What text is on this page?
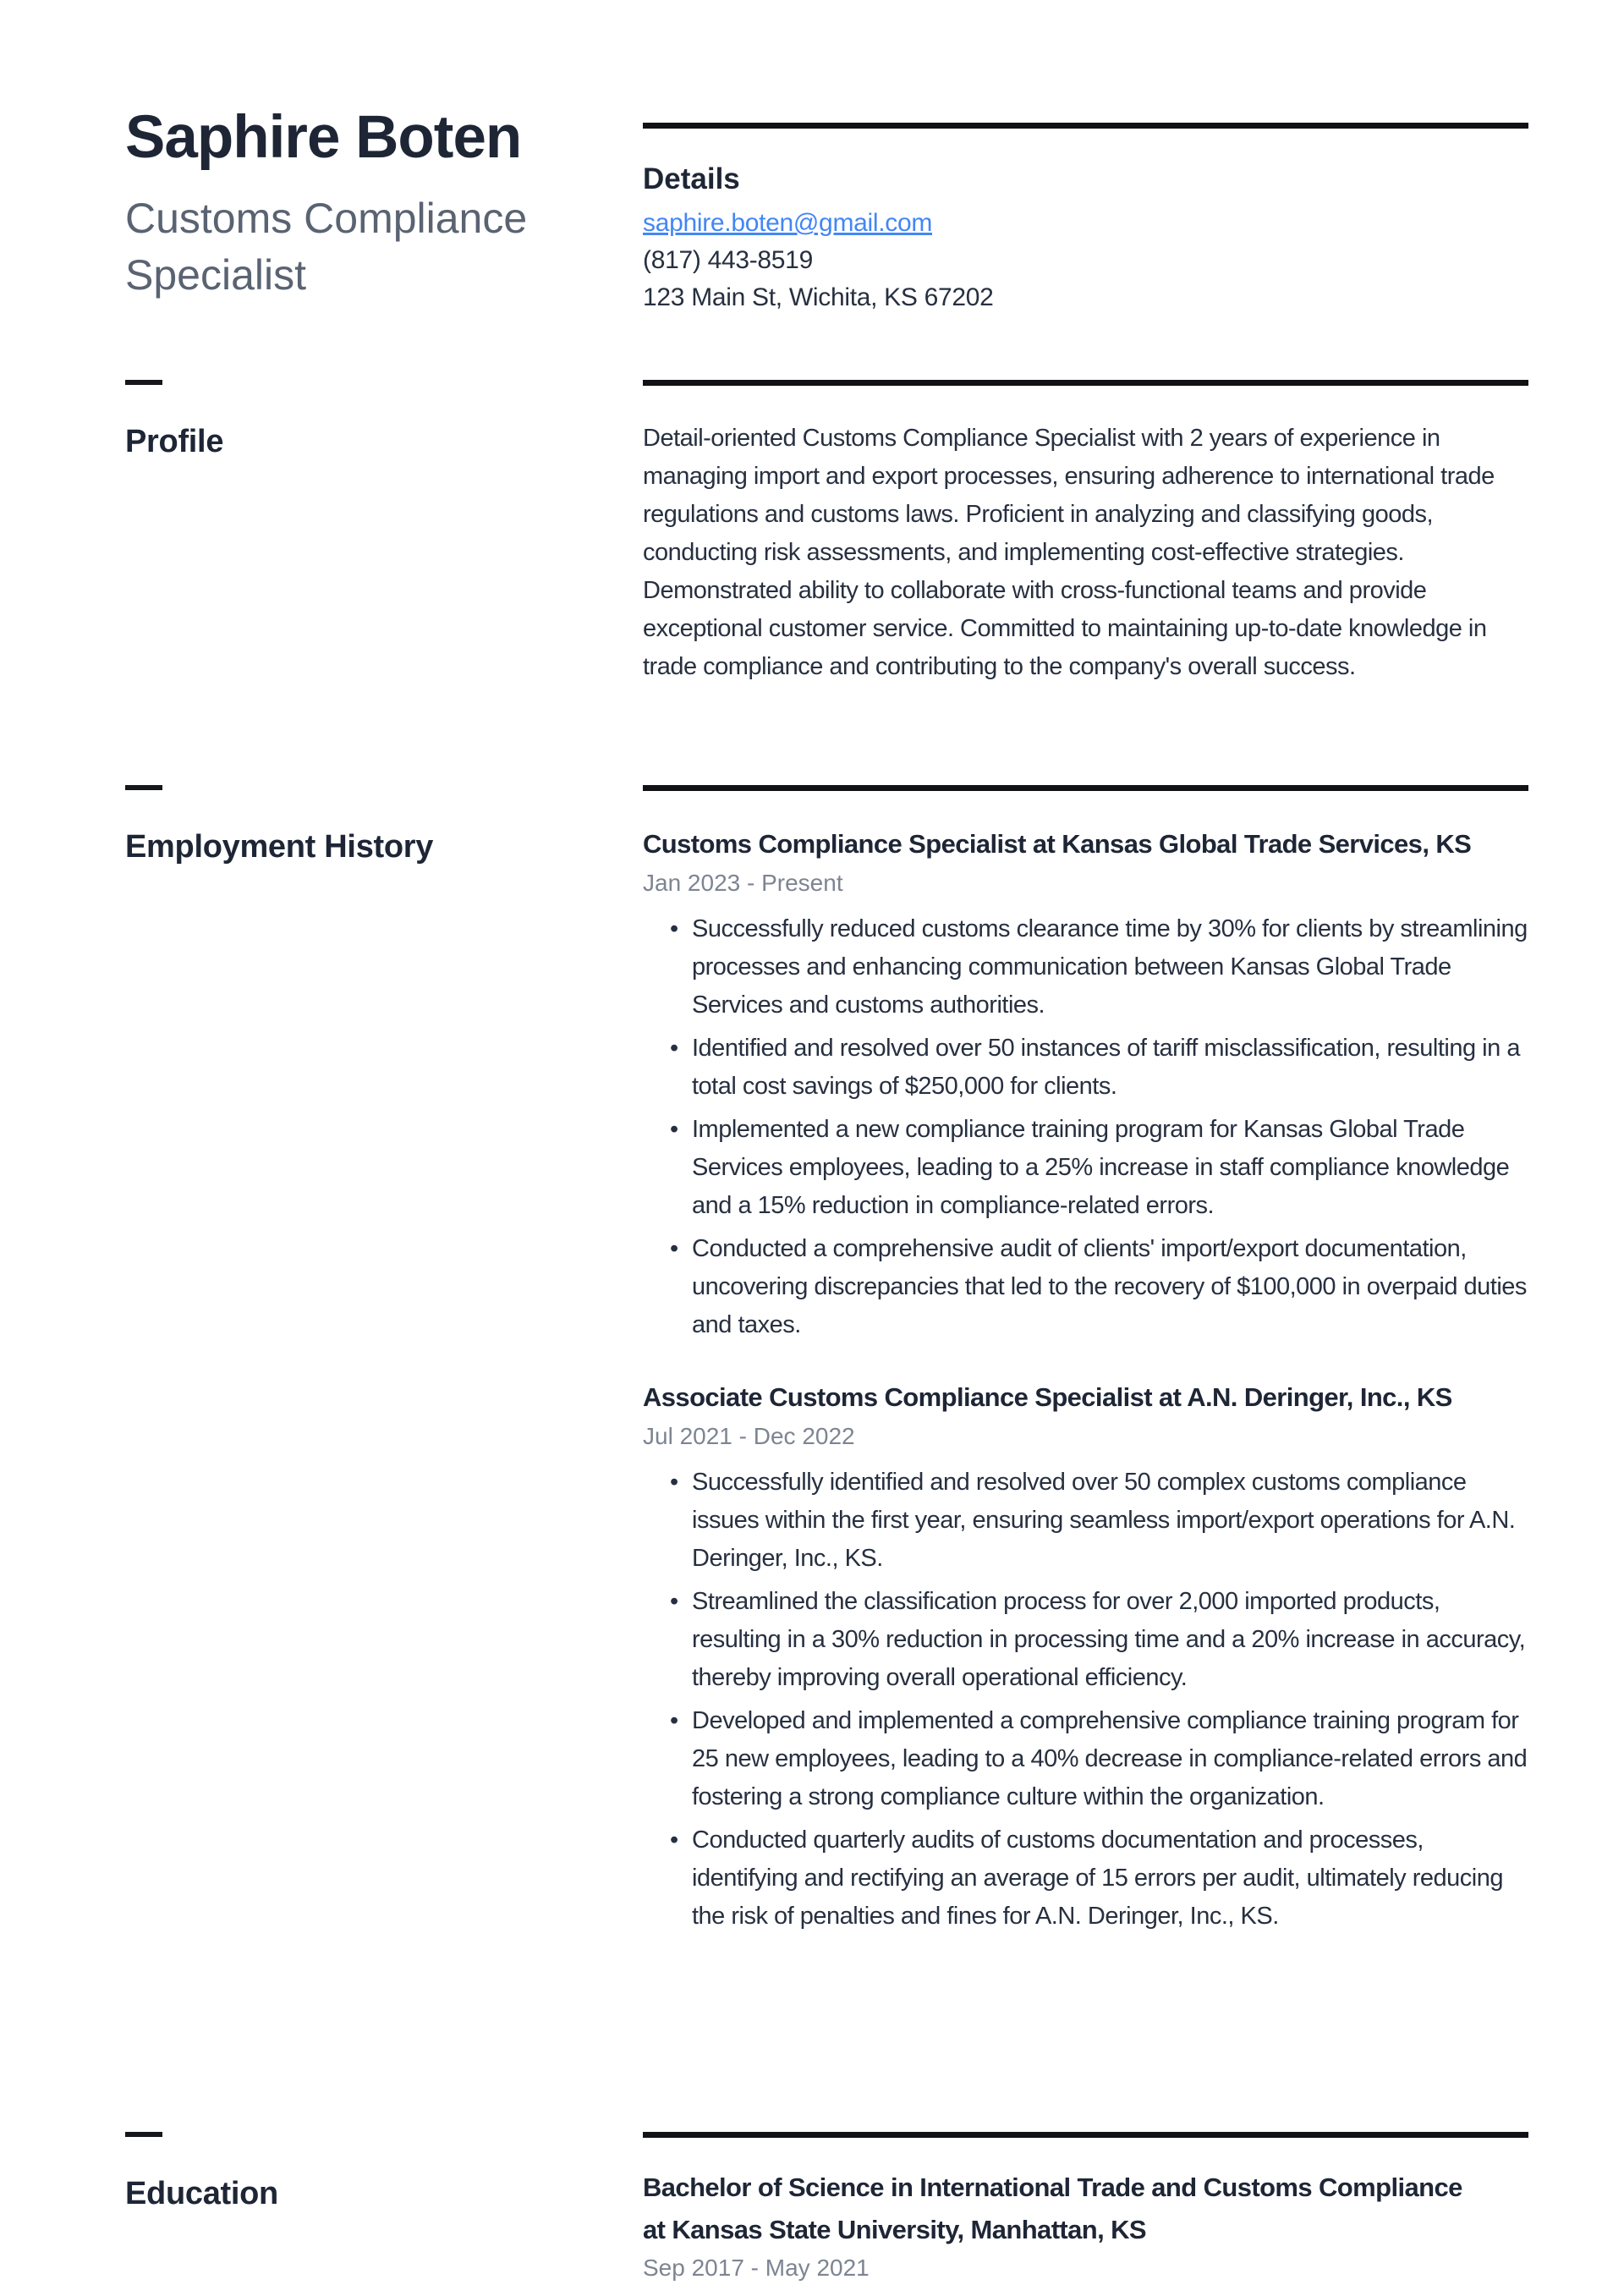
Saphire Boten
Customs Compliance Specialist
Details
saphire.boten@gmail.com
(817) 443-8519
123 Main St, Wichita, KS 67202
Profile	Detail-oriented Customs Compliance Specialist with 2 years of experience in managing import and export processes, ensuring adherence to international trade regulations and customs laws. Proficient in analyzing and classifying goods, conducting risk assessments, and implementing cost-effective strategies. Demonstrated ability to collaborate with cross-functional teams and provide exceptional customer service. Committed to maintaining up-to-date knowledge in trade compliance and contributing to the company's overall success.

Employment History	Customs Compliance Specialist at Kansas Global Trade Services, KS
Jan 2023 - Present
• Successfully reduced customs clearance time by 30% for clients by streamlining processes and enhancing communication between Kansas Global Trade Services and customs authorities.
• Identified and resolved over 50 instances of tariff misclassification, resulting in a total cost savings of $250,000 for clients.
• Implemented a new compliance training program for Kansas Global Trade Services employees, leading to a 25% increase in staff compliance knowledge and a 15% reduction in compliance-related errors.
• Conducted a comprehensive audit of clients' import/export documentation, uncovering discrepancies that led to the recovery of $100,000 in overpaid duties and taxes.
Associate Customs Compliance Specialist at A.N. Deringer, Inc., KS
Jul 2021 - Dec 2022
• Successfully identified and resolved over 50 complex customs compliance issues within the first year, ensuring seamless import/export operations for A.N. Deringer, Inc., KS.
• Streamlined the classification process for over 2,000 imported products, resulting in a 30% reduction in processing time and a 20% increase in accuracy, thereby improving overall operational efficiency.
• Developed and implemented a comprehensive compliance training program for 25 new employees, leading to a 40% decrease in compliance-related errors and fostering a strong compliance culture within the organization.
• Conducted quarterly audits of customs documentation and processes, identifying and rectifying an average of 15 errors per audit, ultimately reducing the risk of penalties and fines for A.N. Deringer, Inc., KS.
Education	Bachelor of Science in International Trade and Customs Compliance at Kansas State University, Manhattan, KS
Sep 2017 - May 2021
